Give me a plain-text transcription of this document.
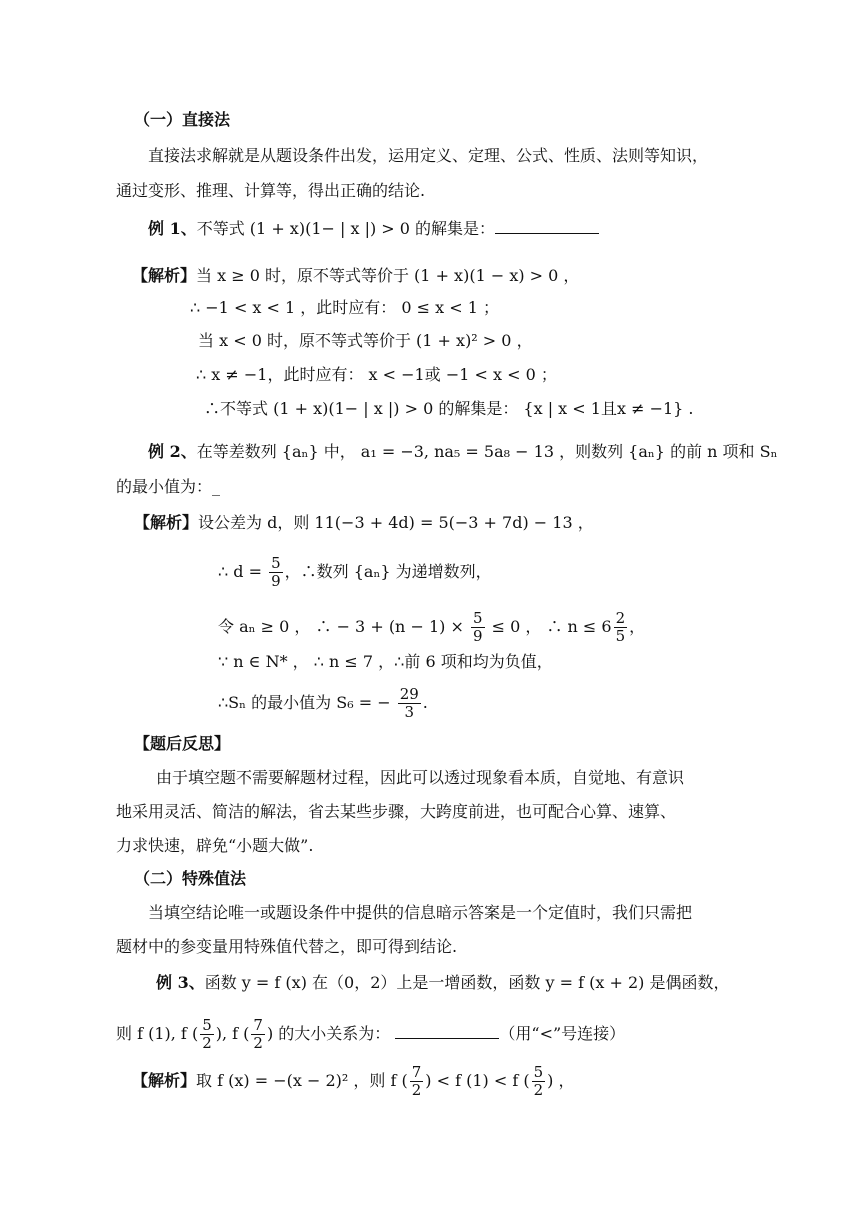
（一）直接法
直接法求解就是从题设条件出发，运用定义、定理、公式、性质、法则等知识，
通过变形、推理、计算等，得出正确的结论.
例 1、不等式 (1 + x)(1− | x |) > 0 的解集是：
【解析】当 x ≥ 0 时，原不等式等价于 (1 + x)(1 − x) > 0 ，
∴ −1 < x < 1 ，此时应有： 0 ≤ x < 1 ；
当 x < 0 时，原不等式等价于 (1 + x)² > 0 ，
∴ x ≠ −1，此时应有： x < −1或 −1 < x < 0 ；
∴不等式 (1 + x)(1− | x |) > 0 的解集是： {x | x < 1且x ≠ −1} .
例 2、在等差数列 {aₙ} 中， a₁ = −3, na₅ = 5a₈ − 13 ，则数列 {aₙ} 的前 n 项和 Sₙ
的最小值为：_
【解析】设公差为 d，则 11(−3 + 4d) = 5(−3 + 7d) − 13 ，
∴ $d = \frac{5}{9}$ ，∴数列 {aₙ} 为递增数列，
令 aₙ ≥ 0 ， ∴ − $3 + (n - 1) \times \frac{5}{9} \le 0$ ， ∴ $n \le 6 \frac{2}{5}$ ，
∵ n ∈ N* ， ∴ n ≤ 7 ，∴前 6 项和均为负值，
∴Sₙ 的最小值为 S₆ = − $\frac{29}{3}$ .
【题后反思】
由于填空题不需要解题材过程，因此可以透过现象看本质，自觉地、有意识
地采用灵活、简洁的解法，省去某些步骤，大跨度前进，也可配合心算、速算、
力求快速，辟免“小题大做”.
（二）特殊值法
当填空结论唯一或题设条件中提供的信息暗示答案是一个定值时，我们只需把
题材中的参变量用特殊值代替之，即可得到结论.
例 3、函数 y = f (x) 在（0，2）上是一增函数，函数 y = f (x + 2) 是偶函数，
则 f (1), f ( $\frac{5}{2}$ ), f ( $\frac{7}{2}$ ) 的大小关系为：	（用“<”号连接）
【解析】取 f (x) = −(x − 2)² ，则 f ( $\frac{7}{2}$ ) < f (1) < f ( $\frac{5}{2}$ ) ，
